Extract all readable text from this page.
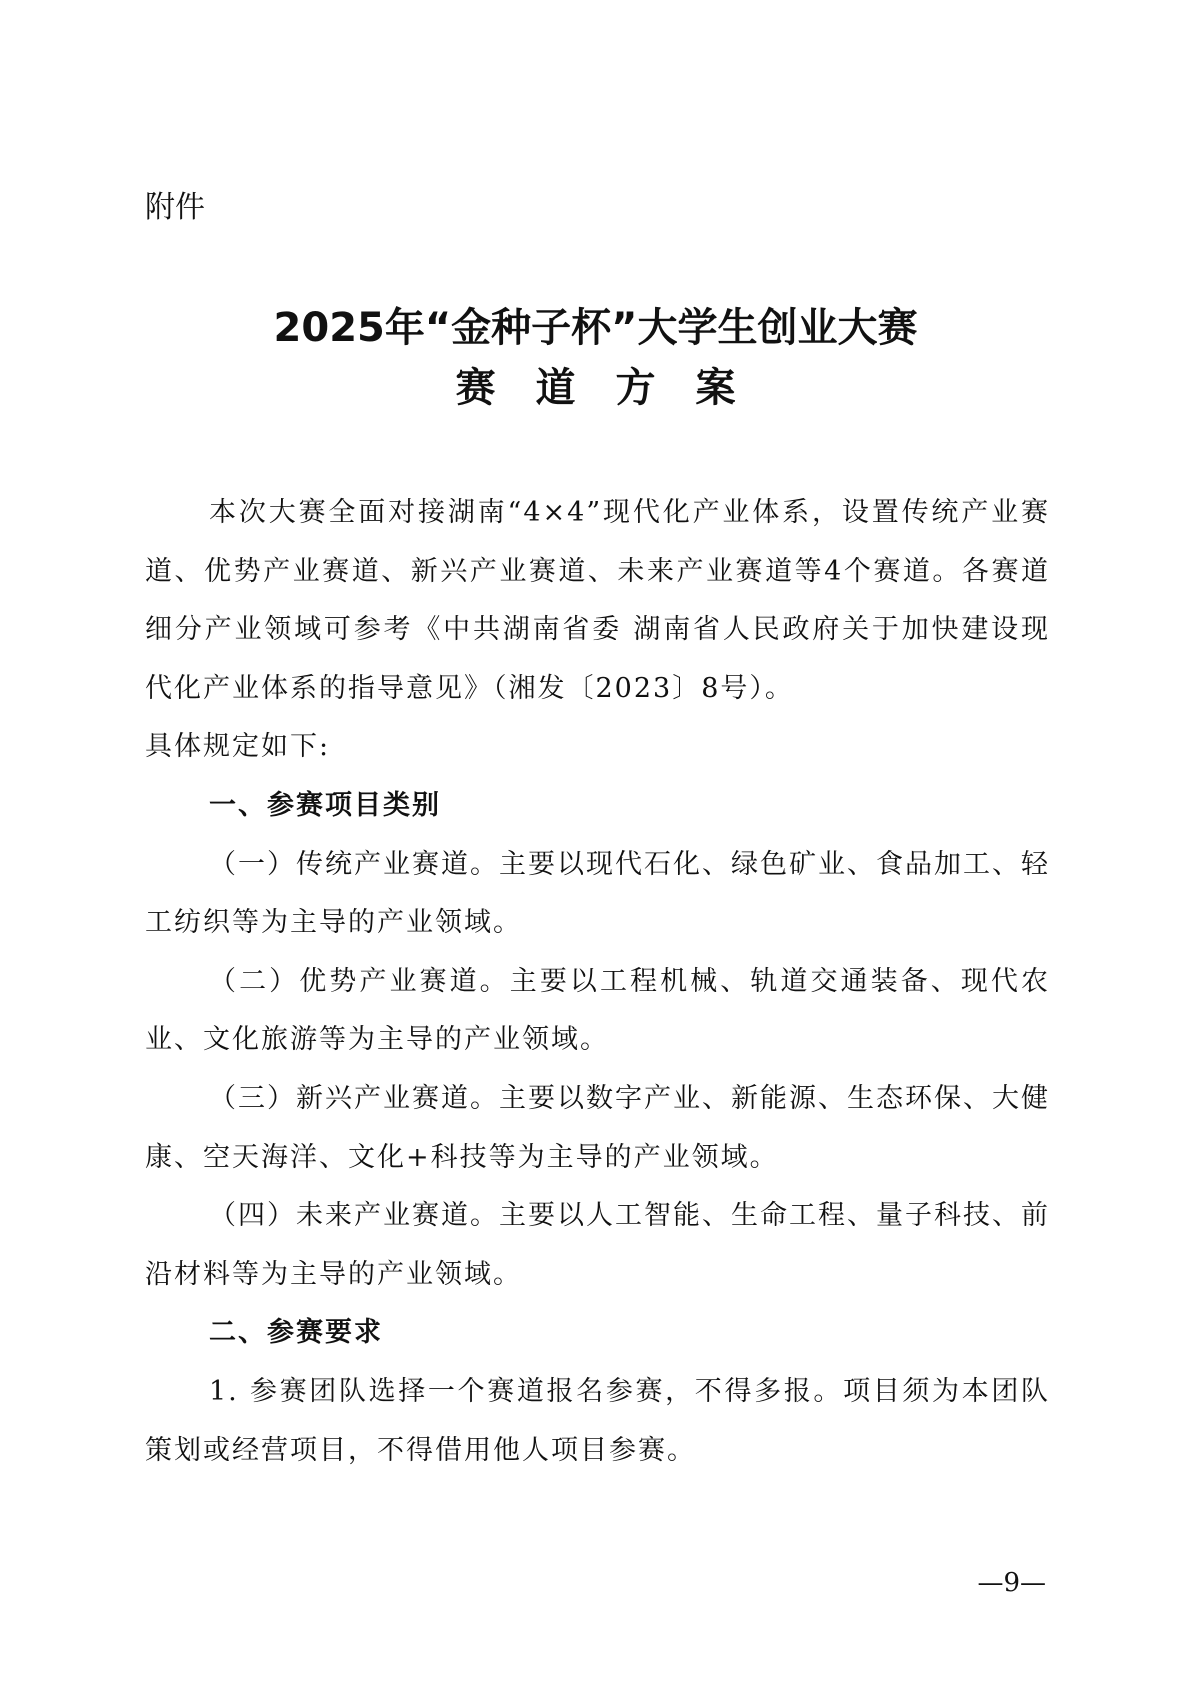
附件
2025年“金种子杯”大学生创业大赛
赛道方案

本次大赛全面对接湖南“4×4”现代化产业体系，设置传统产业赛道、优势产业赛道、新兴产业赛道、未来产业赛道等4个赛道。各赛道细分产业领域可参考《中共湖南省委 湖南省人民政府关于加快建设现代化产业体系的指导意见》（湘发〔2023〕8号）。

具体规定如下:

一、参赛项目类别

（一）传统产业赛道。主要以现代石化、绿色矿业、食品加工、轻工纺织等为主导的产业领域。

（二）优势产业赛道。主要以工程机械、轨道交通装备、现代农业、文化旅游等为主导的产业领域。

（三）新兴产业赛道。主要以数字产业、新能源、生态环保、大健康、空天海洋、文化+科技等为主导的产业领域。

（四）未来产业赛道。主要以人工智能、生命工程、量子科技、前沿材料等为主导的产业领域。

二、参赛要求

1. 参赛团队选择一个赛道报名参赛，不得多报。项目须为本团队策划或经营项目，不得借用他人项目参赛。

—9—
